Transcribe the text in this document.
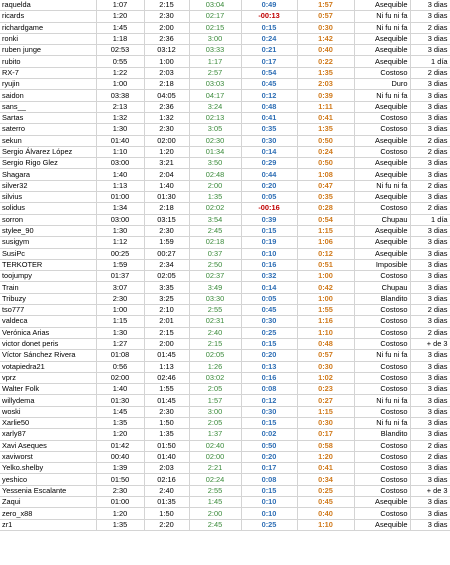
raquelda	1:07	2:15	03:04	0:49	1:57	Asequible	3 dias
ricards	1:20	2:30	02:17	-00:13	0:57	Ni fu ni fa	3 dias
richardgame	1:45	2:00	02:15	0:15	0:30	Ni fu ni fa	2 dias
ronki	1:18	2:36	3:00	0:24	1:42	Asequible	3 dias
ruben junge	02:53	03:12	03:33	0:21	0:40	Asequible	3 dias
rubito	0:55	1:00	1:17	0:17	0:22	Asequible	1 día
RX-7	1:22	2:03	2:57	0:54	1:35	Costoso	2 dias
ryujin	1:00	2:18	03:03	0:45	2:03	Duro	3 dias
saidon	03:38	04:05	04:17	0:12	0:39	Ni fu ni fa	3 dias
sans__	2:13	2:36	3:24	0:48	1:11	Asequible	3 dias
Sartas	1:32	1:32	02:13	0:41	0:41	Costoso	3 dias
saterro	1:30	2:30	3:05	0:35	1:35	Costoso	3 dias
sekun	01:40	02:00	02:30	0:30	0:50	Asequible	2 dias
Sergio Álvarez López	1:10	1:20	01:34	0:14	0:24	Costoso	2 dias
Sergio Rigo Glez	03:00	3:21	3:50	0:29	0:50	Asequible	3 dias
Shagara	1:40	2:04	02:48	0:44	1:08	Asequible	3 dias
silver32	1:13	1:40	2:00	0:20	0:47	Ni fu ni fa	2 dias
silvius	01:00	01:30	1:35	0:05	0:35	Asequible	3 dias
solidus	1:34	2:18	02:02	-00:16	0:28	Costoso	2 dias
sorron	03:00	03:15	3:54	0:39	0:54	Chupau	1 día
stylee_90	1:30	2:30	2:45	0:15	1:15	Asequible	3 dias
susigym	1:12	1:59	02:18	0:19	1:06	Asequible	3 dias
SusiPc	00:25	00:27	0:37	0:10	0:12	Asequible	3 dias
TERKOTER	1:59	2:34	2:50	0:16	0:51	Imposible	3 dias
toojumpy	01:37	02:05	02:37	0:32	1:00	Costoso	3 dias
Train	3:07	3:35	3:49	0:14	0:42	Chupau	3 dias
Tribuzy	2:30	3:25	03:30	0:05	1:00	Blandito	3 dias
tso777	1:00	2:10	2:55	0:45	1:55	Costoso	2 dias
valdeca	1:15	2:01	02:31	0:30	1:16	Costoso	3 dias
Verónica Arias	1:30	2:15	2:40	0:25	1:10	Costoso	2 dias
victor donet peris	1:27	2:00	2:15	0:15	0:48	Costoso	+ de 3
Víctor Sánchez Rivera	01:08	01:45	02:05	0:20	0:57	Ni fu ni fa	3 dias
votapiedra21	0:56	1:13	1:26	0:13	0:30	Costoso	3 dias
vprz	02:00	02:46	03:02	0:16	1:02	Costoso	3 dias
Walter Folk	1:40	1:55	2:05	0:08	0:23	Costoso	3 dias
willydema	01:30	01:45	1:57	0:12	0:27	Ni fu ni fa	3 dias
woski	1:45	2:30	3:00	0:30	1:15	Costoso	3 dias
Xarlie50	1:35	1:50	2:05	0:15	0:30	Ni fu ni fa	3 dias
xarly87	1:20	1:35	1:37	0:02	0:17	Blandito	3 dias
Xavi Aseques	01:42	01:50	02:40	0:50	0:58	Costoso	2 dias
xaviworst	00:40	01:40	02:00	0:20	1:20	Costoso	2 dias
Yelko.shelby	1:39	2:03	2:21	0:17	0:41	Costoso	3 dias
yeshico	01:50	02:16	02:24	0:08	0:34	Costoso	3 dias
Yessenia Escalante	2:30	2:40	2:55	0:15	0:25	Costoso	+ de 3
Zaqui	01:00	01:35	1:45	0:10	0:45	Asequible	3 dias
zero_x88	1:20	1:50	2:00	0:10	0:40	Costoso	3 dias
zr1	1:35	2:20	2:45	0:25	1:10	Asequible	3 dias
